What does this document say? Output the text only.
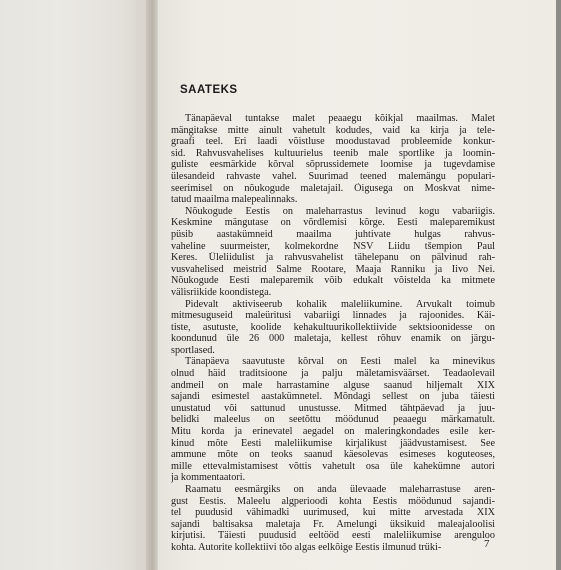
SAATEKS
Tänapäeval tuntakse malet peaaegu kõikjal maailmas. Malet
mängitakse mitte ainult vahetult kodudes, vaid ka kirja ja tele-
graafi teel. Eri laadi võistluse moodustavad probleemide konkur-
sid. Rahvusvahelises kultuurielus teenib male sportlike ja loomin-
guliste eesmärkide kõrval sõprussidemete loomise ja tugevdamise
ülesandeid rahvaste vahel. Suurimad teened malemängu populari-
seerimisel on nõukogude maletajail. Õigusega on Moskvat nime-
tatud maailma malepealinnaks.
Nõukogude Eestis on maleharrastus levinud kogu vabariigis.
Keskmine mängutase on võrdlemisi kõrge. Eesti maleparemikust
püsib aastakümneid maailma juhtivate hulgas rahvus-
vaheline suurmeister, kolmekordne NSV Liidu tšempion Paul
Keres. Üleliidulist ja rahvusvahelist tähelepanu on pälvinud rah-
vusvahelised meistrid Salme Rootare, Maaja Ranniku ja Iivo Nei.
Nõukogude Eesti maleparemik võib edukalt võistelda ka mitmete
välisriikide koondistega.
Pidevalt aktiviseerub kohalik maleliikumine. Arvukalt toimub
mitmesuguseid maleüritusi vabariigi linnades ja rajoonides. Käi-
tiste, asutuste, koolide kehakultuurikollektiivide sektsioonidesse on
koondunud üle 26 000 maletaja, kellest rõhuv enamik on järgu-
sportlased.
Tänapäeva saavutuste kõrval on Eesti malel ka minevikus
olnud häid traditsioone ja palju mäletamisväärset. Teadaolevail
andmeil on male harrastamine alguse saanud hiljemalt XIX
sajandi esimestel aastakümnetel. Mõndagi sellest on juba täiesti
unustatud või sattunud unustusse. Mitmed tähtpäevad ja juu-
belidki maleelus on seetõttu möödunud peaaegu märkamatult.
Mitu korda ja erinevatel aegadel on maleringkondades esile ker-
kinud mõte Eesti maleliikumise kirjalikust jäädvustamisest. See
ammune mõte on teoks saanud käesolevas esimeses koguteoses,
mille ettevalmistamisest võttis vahetult osa üle kahekümne autori
ja kommentaatori.
Raamatu eesmärgiks on anda ülevaade maleharrastuse aren-
gust Eestis. Maleelu algperioodi kohta Eestis möödunud sajandi-
tel puudusid vähimadki uurimused, kui mitte arvestada XIX
sajandi baltisaksa maletaja Fr. Amelungi üksikuid maleajaloolisi
kirjutisi. Täiesti puudusid eeltööd eesti maleliikumise arenguloo
kohta. Autorite kollektiivi tõo algas eelkõige Eestis ilmunud trüki-	7
